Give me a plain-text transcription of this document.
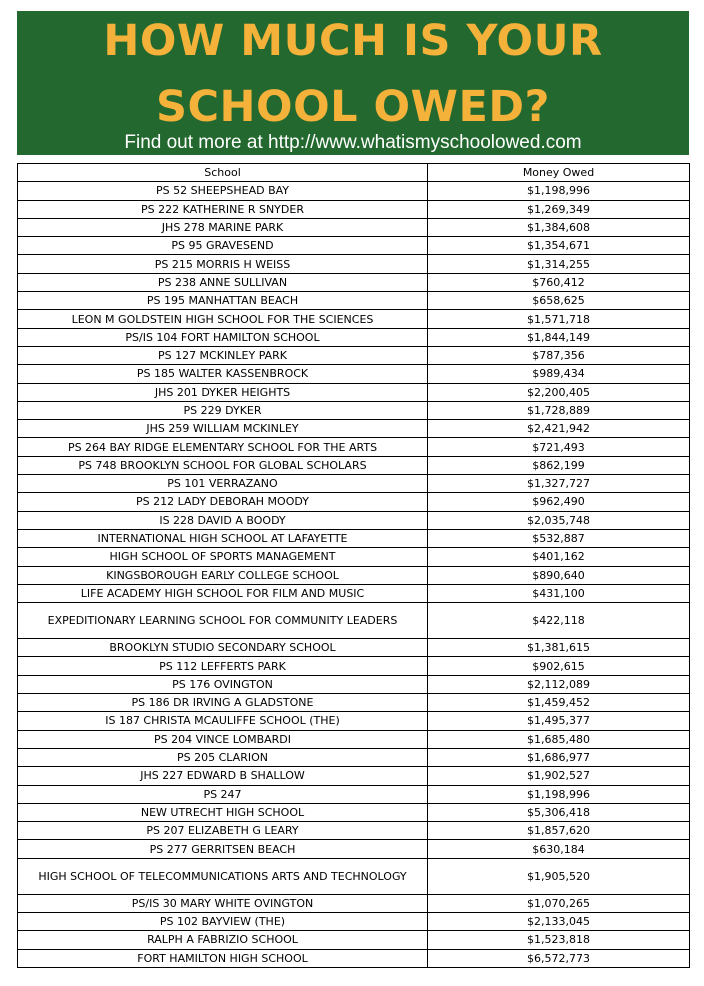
HOW MUCH IS YOUR
SCHOOL OWED?
Find out more at http://www.whatismyschoolowed.com
School	Money Owed
PS 52 SHEEPSHEAD BAY	$1,198,996
PS 222 KATHERINE R SNYDER	$1,269,349
JHS 278 MARINE PARK	$1,384,608
PS 95 GRAVESEND	$1,354,671
PS 215 MORRIS H WEISS	$1,314,255
PS 238 ANNE SULLIVAN	$760,412
PS 195 MANHATTAN BEACH	$658,625
LEON M GOLDSTEIN HIGH SCHOOL FOR THE SCIENCES	$1,571,718
PS/IS 104 FORT HAMILTON SCHOOL	$1,844,149
PS 127 MCKINLEY PARK	$787,356
PS 185 WALTER KASSENBROCK	$989,434
JHS 201 DYKER HEIGHTS	$2,200,405
PS 229 DYKER	$1,728,889
JHS 259 WILLIAM MCKINLEY	$2,421,942
PS 264 BAY RIDGE ELEMENTARY SCHOOL FOR THE ARTS	$721,493
PS 748 BROOKLYN SCHOOL FOR GLOBAL SCHOLARS	$862,199
PS 101 VERRAZANO	$1,327,727
PS 212 LADY DEBORAH MOODY	$962,490
IS 228 DAVID A BOODY	$2,035,748
INTERNATIONAL HIGH SCHOOL AT LAFAYETTE	$532,887
HIGH SCHOOL OF SPORTS MANAGEMENT	$401,162
KINGSBOROUGH EARLY COLLEGE SCHOOL	$890,640
LIFE ACADEMY HIGH SCHOOL FOR FILM AND MUSIC	$431,100
EXPEDITIONARY LEARNING SCHOOL FOR COMMUNITY LEADERS	$422,118
BROOKLYN STUDIO SECONDARY SCHOOL	$1,381,615
PS 112 LEFFERTS PARK	$902,615
PS 176 OVINGTON	$2,112,089
PS 186 DR IRVING A GLADSTONE	$1,459,452
IS 187 CHRISTA MCAULIFFE SCHOOL (THE)	$1,495,377
PS 204 VINCE LOMBARDI	$1,685,480
PS 205 CLARION	$1,686,977
JHS 227 EDWARD B SHALLOW	$1,902,527
PS 247	$1,198,996
NEW UTRECHT HIGH SCHOOL	$5,306,418
PS 207 ELIZABETH G LEARY	$1,857,620
PS 277 GERRITSEN BEACH	$630,184
HIGH SCHOOL OF TELECOMMUNICATIONS ARTS AND TECHNOLOGY	$1,905,520
PS/IS 30 MARY WHITE OVINGTON	$1,070,265
PS 102 BAYVIEW (THE)	$2,133,045
RALPH A FABRIZIO SCHOOL	$1,523,818
FORT HAMILTON HIGH SCHOOL	$6,572,773
